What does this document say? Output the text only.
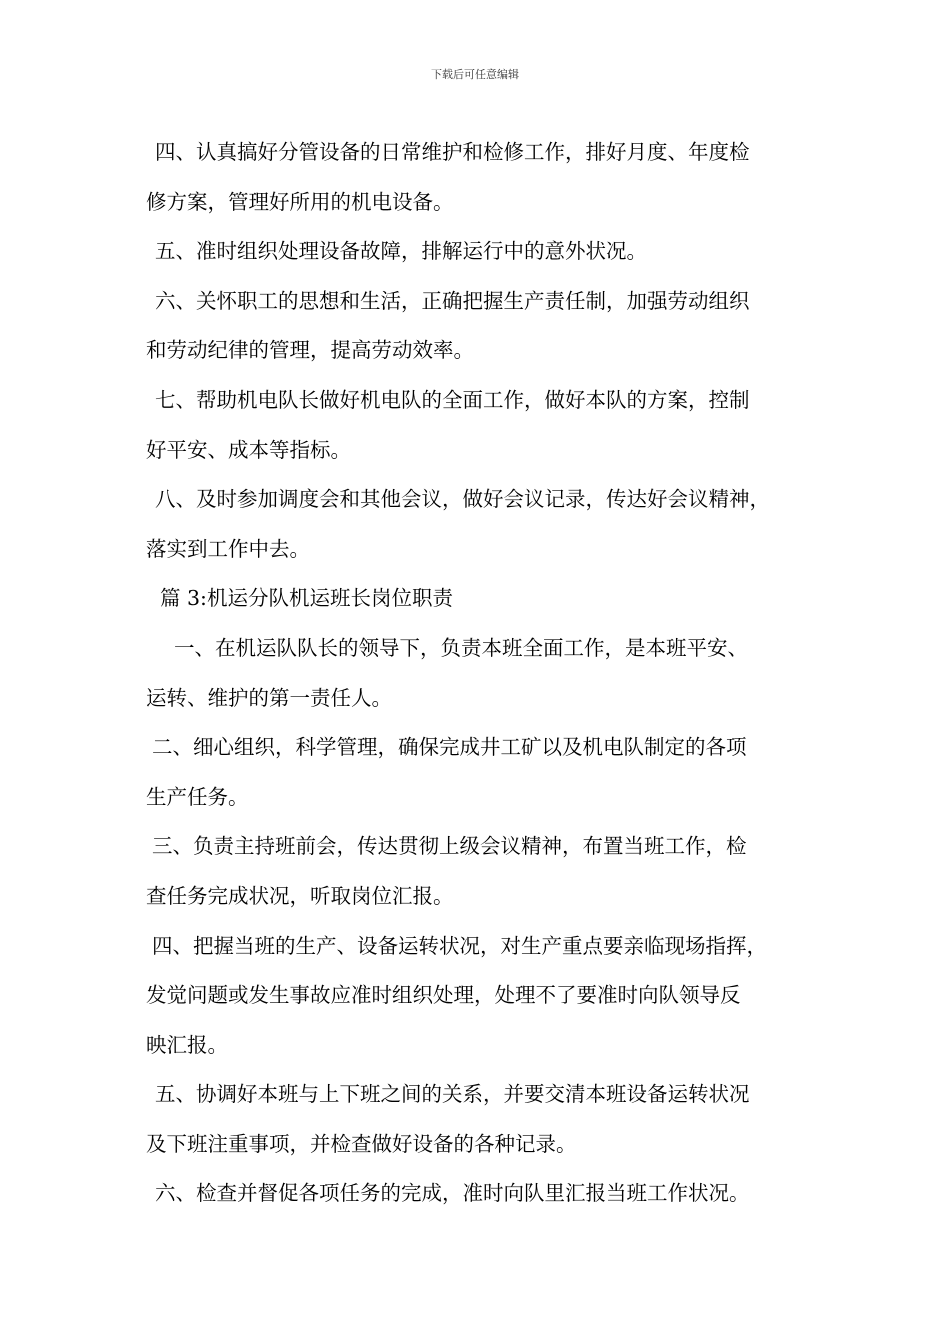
下载后可任意编辑
四、认真搞好分管设备的日常维护和检修工作，排好月度、年度检
修方案，管理好所用的机电设备。
五、准时组织处理设备故障，排解运行中的意外状况。
六、关怀职工的思想和生活，正确把握生产责任制，加强劳动组织
和劳动纪律的管理，提高劳动效率。
七、帮助机电队长做好机电队的全面工作，做好本队的方案，控制
好平安、成本等指标。
八、及时参加调度会和其他会议，做好会议记录，传达好会议精神，
落实到工作中去。
篇 3:机运分队机运班长岗位职责
一、在机运队队长的领导下，负责本班全面工作，是本班平安、
运转、维护的第一责任人。
二、细心组织，科学管理，确保完成井工矿以及机电队制定的各项
生产任务。
三、负责主持班前会，传达贯彻上级会议精神，布置当班工作，检
查任务完成状况，听取岗位汇报。
四、把握当班的生产、设备运转状况，对生产重点要亲临现场指挥，
发觉问题或发生事故应准时组织处理，处理不了要准时向队领导反
映汇报。
五、协调好本班与上下班之间的关系，并要交清本班设备运转状况
及下班注重事项，并检查做好设备的各种记录。
六、检查并督促各项任务的完成，准时向队里汇报当班工作状况。
